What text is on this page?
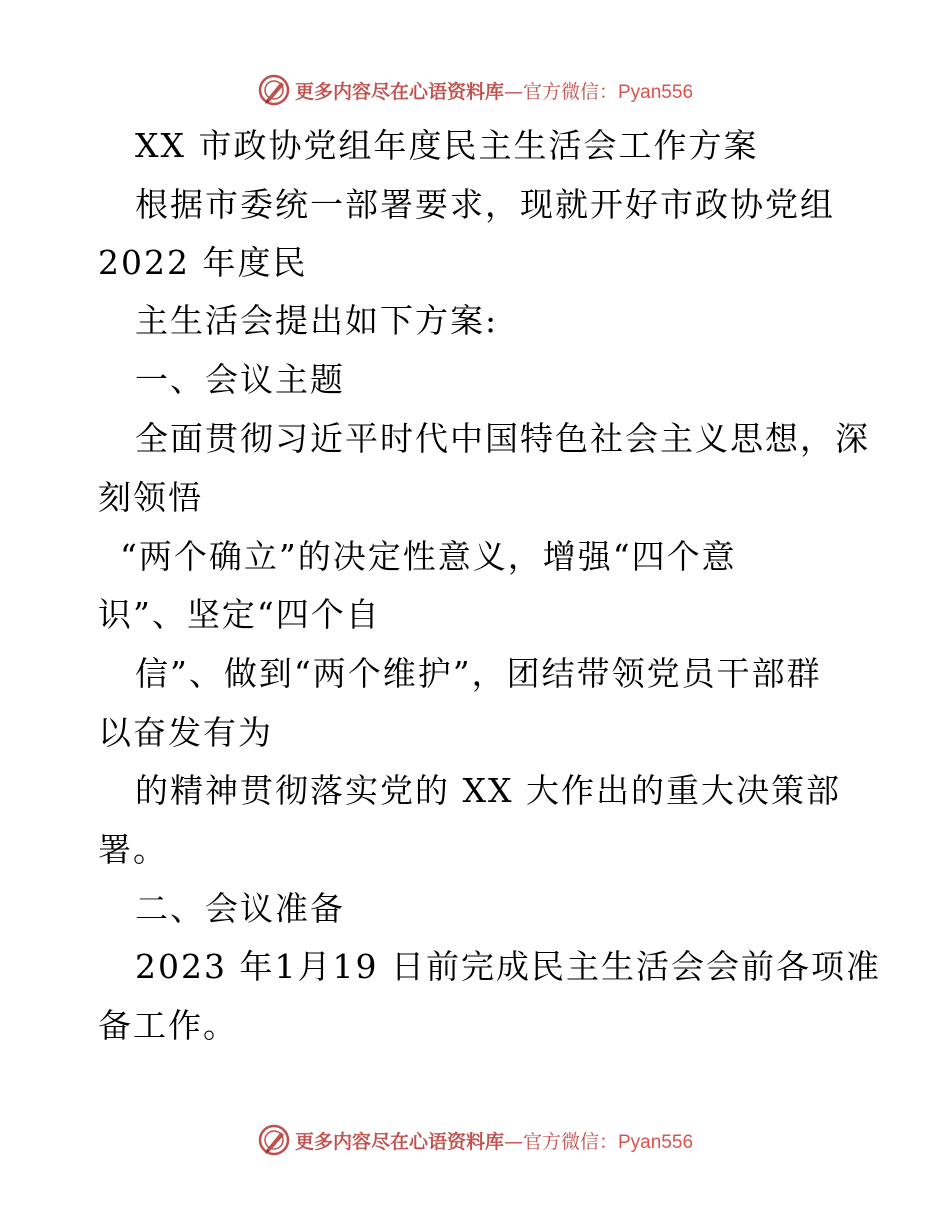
更多内容尽在心语资料库—官方微信：Pyan556
XX 市政协党组年度民主生活会工作方案
根据市委统一部署要求，现就开好市政协党组
2022 年度民
主生活会提出如下方案:
一、会议主题
全面贯彻习近平时代中国特色社会主义思想，深
刻领悟
“两个确立”的决定性意义，增强“四个意
识”、坚定“四个自
信”、做到“两个维护”，团结带领党员干部群
以奋发有为
的精神贯彻落实党的 XX 大作出的重大决策部
署。
二、会议准备
2023 年1月19 日前完成民主生活会会前各项准
备工作。
更多内容尽在心语资料库—官方微信：Pyan556
